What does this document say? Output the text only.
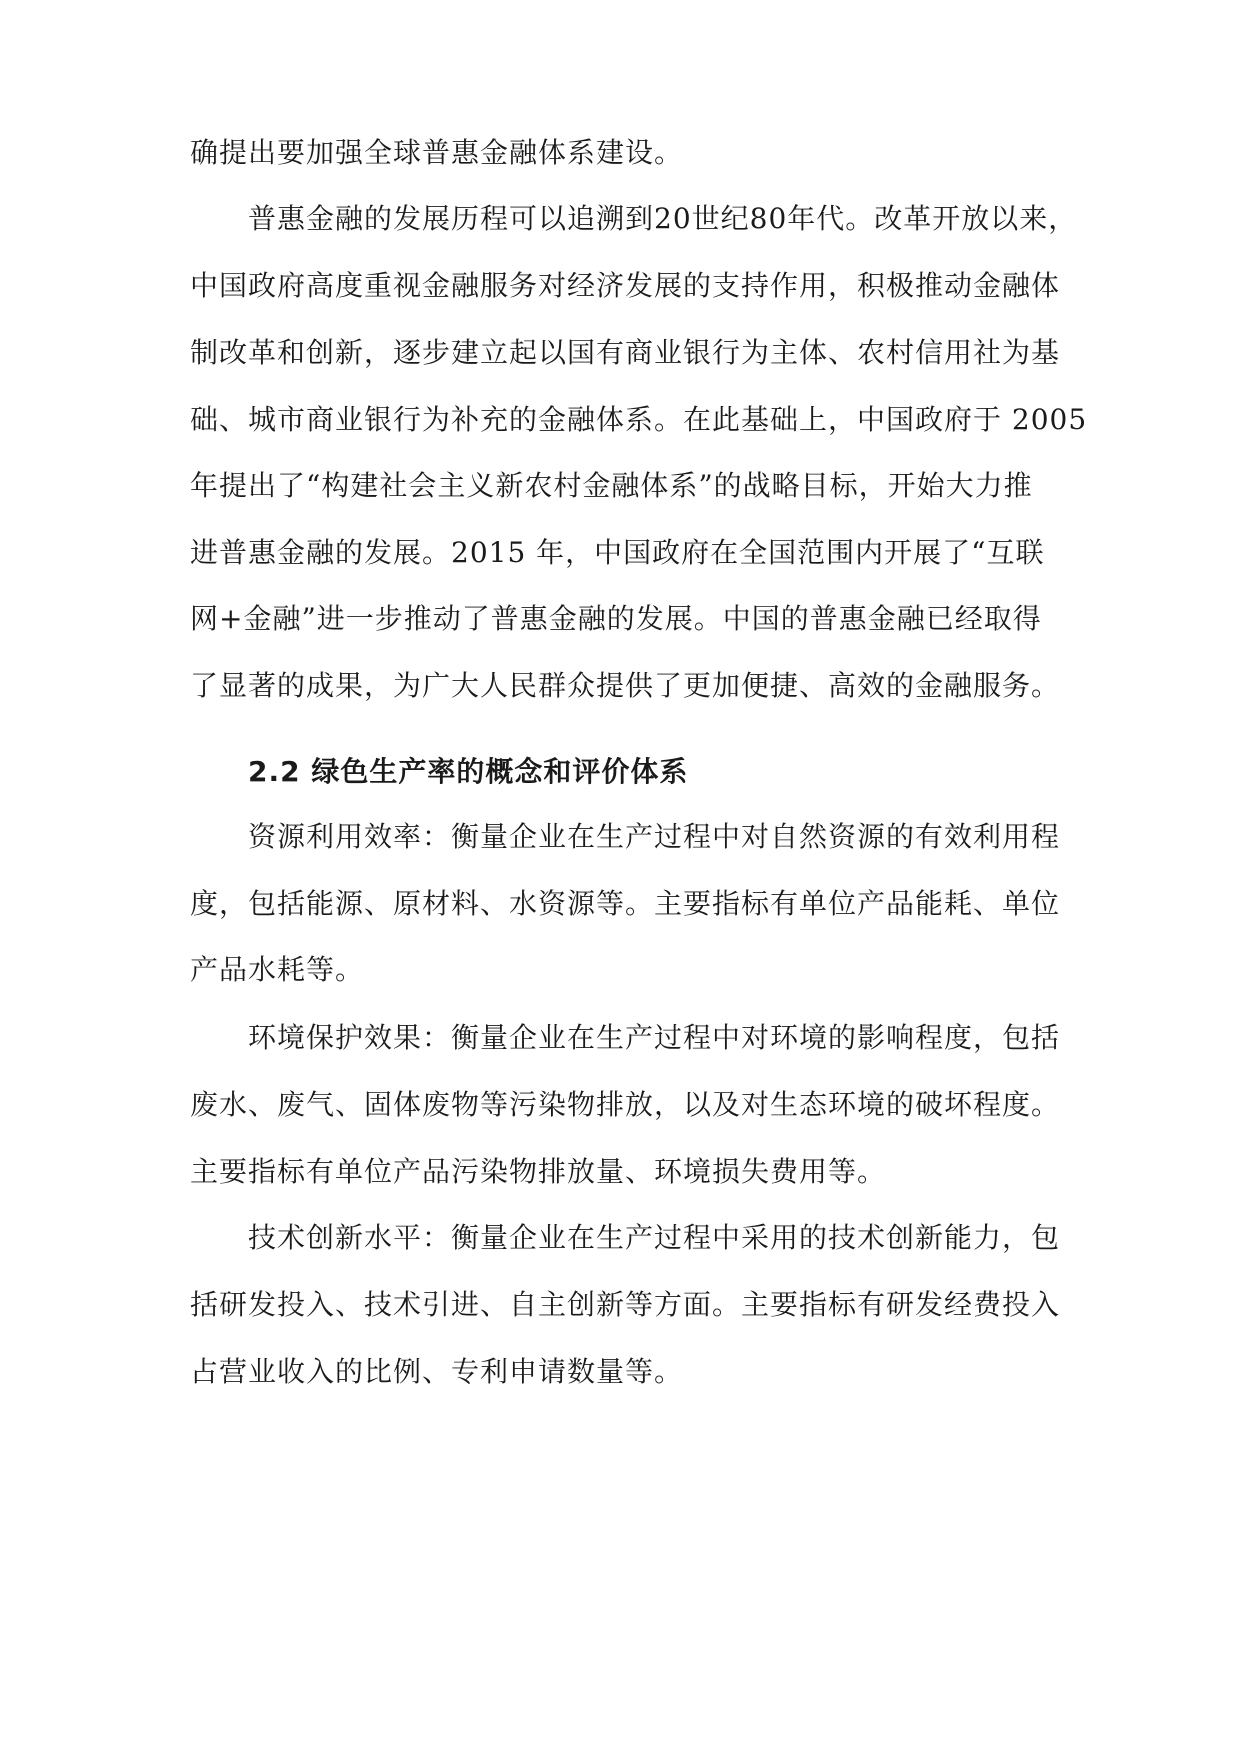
确提出要加强全球普惠金融体系建设。
普惠金融的发展历程可以追溯到20世纪80年代。改革开放以来，
中国政府高度重视金融服务对经济发展的支持作用，积极推动金融体
制改革和创新，逐步建立起以国有商业银行为主体、农村信用社为基
础、城市商业银行为补充的金融体系。在此基础上，中国政府于 2005
年提出了“构建社会主义新农村金融体系”的战略目标，开始大力推
进普惠金融的发展。2015 年，中国政府在全国范围内开展了“互联
网+金融”进一步推动了普惠金融的发展。中国的普惠金融已经取得
了显著的成果，为广大人民群众提供了更加便捷、高效的金融服务。
2.2 绿色生产率的概念和评价体系
资源利用效率：衡量企业在生产过程中对自然资源的有效利用程
度，包括能源、原材料、水资源等。主要指标有单位产品能耗、单位
产品水耗等。
环境保护效果：衡量企业在生产过程中对环境的影响程度，包括
废水、废气、固体废物等污染物排放，以及对生态环境的破坏程度。
主要指标有单位产品污染物排放量、环境损失费用等。
技术创新水平：衡量企业在生产过程中采用的技术创新能力，包
括研发投入、技术引进、自主创新等方面。主要指标有研发经费投入
占营业收入的比例、专利申请数量等。
